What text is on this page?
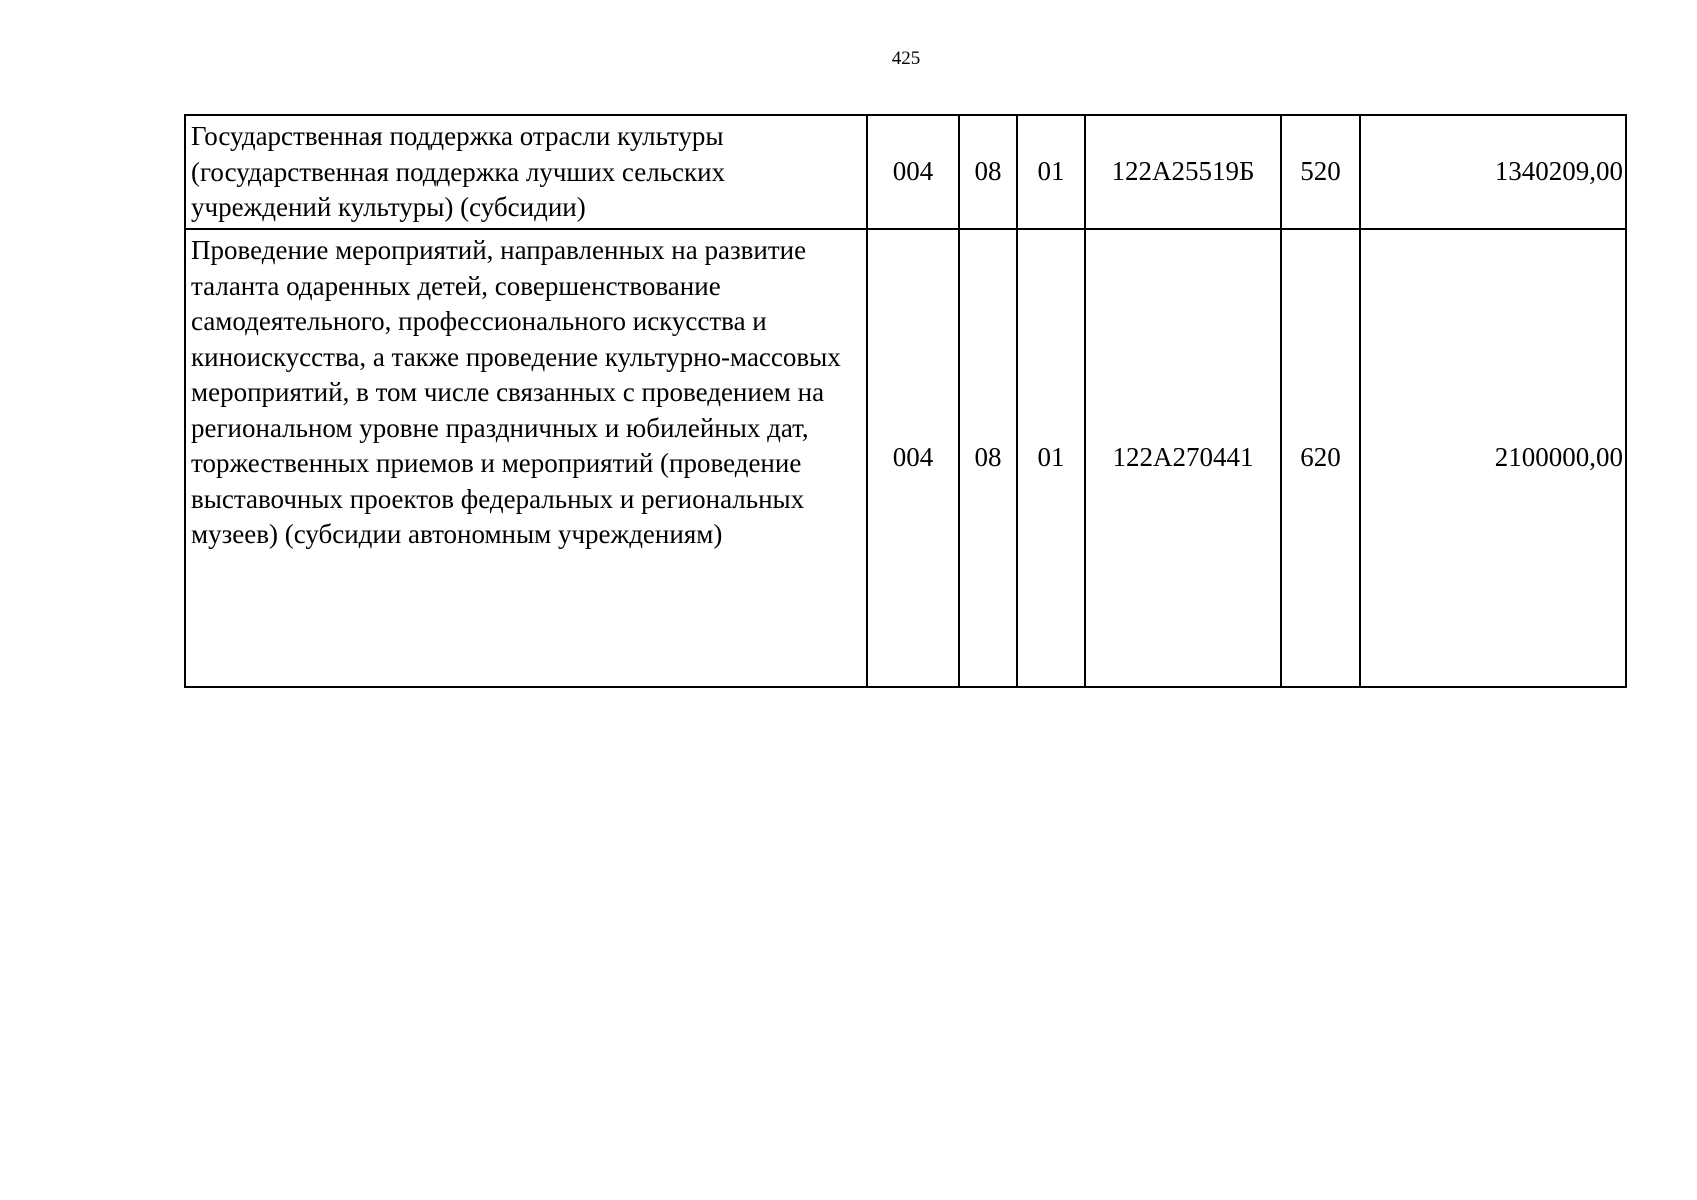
425
Государственная поддержка отрасли культуры (государственная поддержка лучших сельских учреждений культуры) (субсидии)	004	08	01	122A25519Б	520	1340209,00
Проведение мероприятий, направленных на развитие таланта одаренных детей, совершенствование самодеятельного, профессионального искусства и киноискусства, а также проведение культурно-массовых мероприятий, в том числе связанных с проведением на региональном уровне праздничных и юбилейных дат, торжественных приемов и мероприятий (проведение выставочных проектов федеральных и региональных музеев) (субсидии автономным учреждениям)	004	08	01	122A270441	620	2100000,00
